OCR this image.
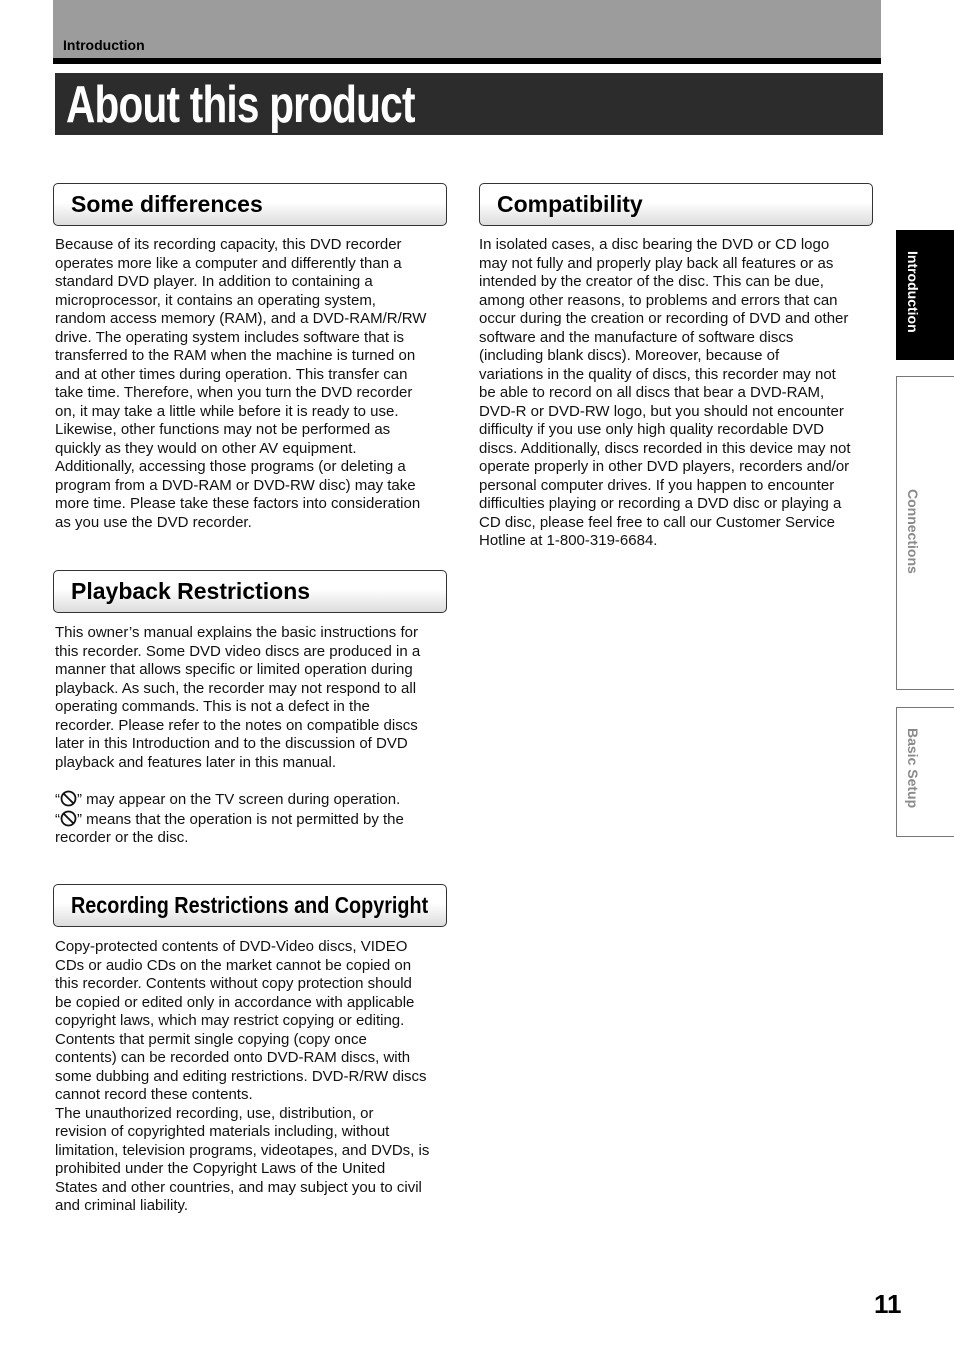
Introduction
About this product
Some differences
Because of its recording capacity, this DVD recorder
operates more like a computer and differently than a
standard DVD player. In addition to containing a
microprocessor, it contains an operating system,
random access memory (RAM), and a DVD-RAM/R/RW
drive. The operating system includes software that is
transferred to the RAM when the machine is turned on
and at other times during operation. This transfer can
take time. Therefore, when you turn the DVD recorder
on, it may take a little while before it is ready to use.
Likewise, other functions may not be performed as
quickly as they would on other AV equipment.
Additionally, accessing those programs (or deleting a
program from a DVD-RAM or DVD-RW disc) may take
more time. Please take these factors into consideration
as you use the DVD recorder.
Playback Restrictions
This owner’s manual explains the basic instructions for
this recorder. Some DVD video discs are produced in a
manner that allows specific or limited operation during
playback. As such, the recorder may not respond to all
operating commands. This is not a defect in the
recorder. Please refer to the notes on compatible discs
later in this Introduction and to the discussion of DVD
playback and features later in this manual.
“ ” may appear on the TV screen during operation.
“ ” means that the operation is not permitted by the
recorder or the disc.
Recording Restrictions and Copyright
Copy-protected contents of DVD-Video discs, VIDEO
CDs or audio CDs on the market cannot be copied on
this recorder. Contents without copy protection should
be copied or edited only in accordance with applicable
copyright laws, which may restrict copying or editing.
Contents that permit single copying (copy once
contents) can be recorded onto DVD-RAM discs, with
some dubbing and editing restrictions. DVD-R/RW discs
cannot record these contents.
The unauthorized recording, use, distribution, or
revision of copyrighted materials including, without
limitation, television programs, videotapes, and DVDs, is
prohibited under the Copyright Laws of the United
States and other countries, and may subject you to civil
and criminal liability.
Compatibility
In isolated cases, a disc bearing the DVD or CD logo
may not fully and properly play back all features or as
intended by the creator of the disc. This can be due,
among other reasons, to problems and errors that can
occur during the creation or recording of DVD and other
software and the manufacture of software discs
(including blank discs). Moreover, because of
variations in the quality of discs, this recorder may not
be able to record on all discs that bear a DVD-RAM,
DVD-R or DVD-RW logo, but you should not encounter
difficulty if you use only high quality recordable DVD
discs. Additionally, discs recorded in this device may not
operate properly in other DVD players, recorders and/or
personal computer drives. If you happen to encounter
difficulties playing or recording a DVD disc or playing a
CD disc, please feel free to call our Customer Service
Hotline at 1-800-319-6684.
Introduction
Connections
Basic Setup
11
